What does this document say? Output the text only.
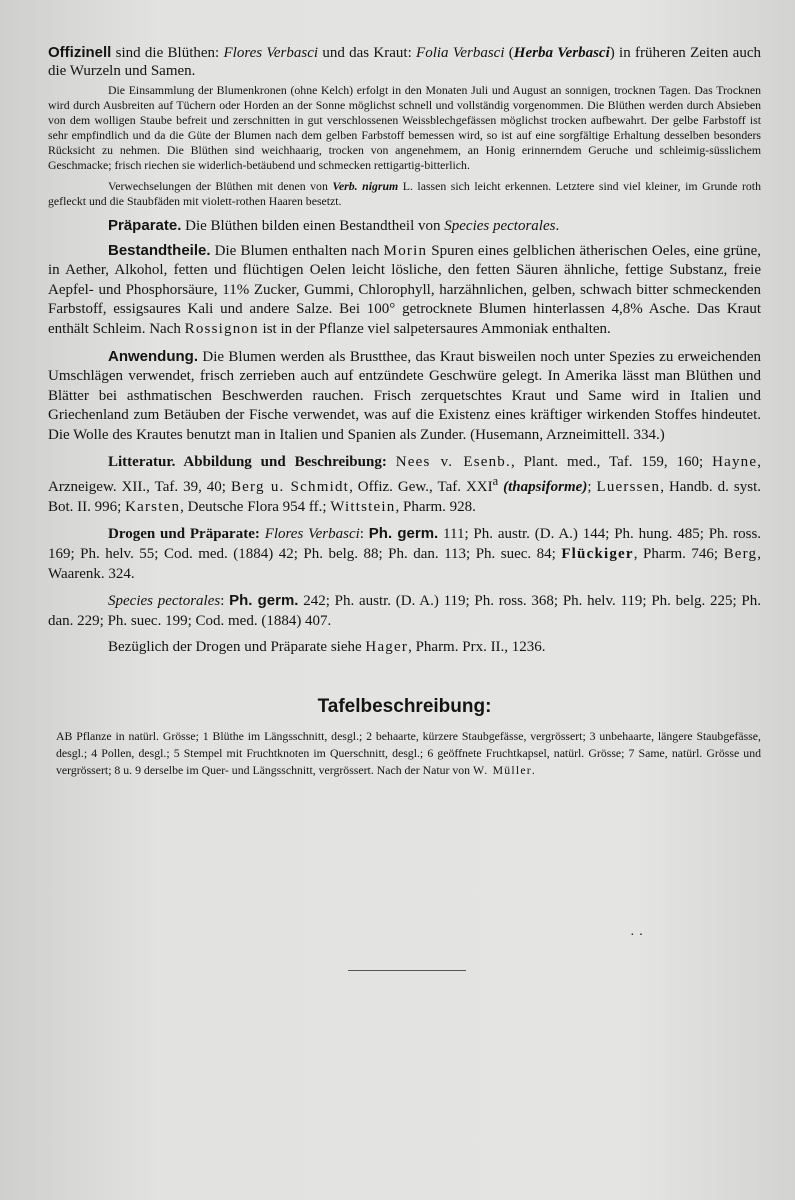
Offizinell sind die Blüthen: Flores Verbasci und das Kraut: Folia Verbasci (Herba Verbasci) in früheren Zeiten auch die Wurzeln und Samen.

Die Einsammlung der Blumenkronen (ohne Kelch) erfolgt in den Monaten Juli und August an sonnigen, trocknen Tagen. Das Trocknen wird durch Ausbreiten auf Tüchern oder Horden an der Sonne möglichst schnell und vollständig vorgenommen. Die Blüthen werden durch Absieben von dem wolligen Staube befreit und zerschnitten in gut verschlossenen Weissblechgefässen möglichst trocken aufbewahrt. Der gelbe Farbstoff ist sehr empfindlich und da die Güte der Blumen nach dem gelben Farbstoff bemessen wird, so ist auf eine sorgfältige Erhaltung desselben besonders Rücksicht zu nehmen. Die Blüthen sind weichhaarig, trocken von angenehmem, an Honig erinnerndem Geruche und schleimig-süsslichem Geschmacke; frisch riechen sie widerlich-betäubend und schmecken rettigartig-bitterlich.

Verwechselungen der Blüthen mit denen von Verb. nigrum L. lassen sich leicht erkennen. Letztere sind viel kleiner, im Grunde roth gefleckt und die Staubfäden mit violett-rothen Haaren besetzt.

Präparate. Die Blüthen bilden einen Bestandtheil von Species pectorales.

Bestandtheile. Die Blumen enthalten nach Morin Spuren eines gelblichen ätherischen Oeles, eine grüne, in Aether, Alkohol, fetten und flüchtigen Oelen leicht lösliche, den fetten Säuren ähnliche, fettige Substanz, freie Aepfel- und Phosphorsäure, 11% Zucker, Gummi, Chlorophyll, harzähnlichen, gelben, schwach bitter schmeckenden Farbstoff, essigsaures Kali und andere Salze. Bei 100° getrocknete Blumen hinterlassen 4,8% Asche. Das Kraut enthält Schleim. Nach Rossignon ist in der Pflanze viel salpetersaures Ammoniak enthalten.

Anwendung. Die Blumen werden als Brustthee, das Kraut bisweilen noch unter Spezies zu erweichenden Umschlägen verwendet, frisch zerrieben auch auf entzündete Geschwüre gelegt. In Amerika lässt man Blüthen und Blätter bei asthmatischen Beschwerden rauchen. Frisch zerquetschtes Kraut und Same wird in Italien und Griechenland zum Betäuben der Fische verwendet, was auf die Existenz eines kräftiger wirkenden Stoffes hindeutet. Die Wolle des Krautes benutzt man in Italien und Spanien als Zunder. (Husemann, Arzneimittell. 334.)

Litteratur. Abbildung und Beschreibung: Nees v. Esenb., Plant. med., Taf. 159, 160; Hayne, Arzneigew. XII., Taf. 39, 40; Berg u. Schmidt, Offiz. Gew., Taf. XXI$^a$ (thapsiforme); Luerssen, Handb. d. syst. Bot. II. 996; Karsten, Deutsche Flora 954 ff.; Wittstein, Pharm. 928.

Drogen und Präparate: Flores Verbasci: Ph. germ. 111; Ph. austr. (D. A.) 144; Ph. hung. 485; Ph. ross. 169; Ph. helv. 55; Cod. med. (1884) 42; Ph. belg. 88; Ph. dan. 113; Ph. suec. 84; Flückiger, Pharm. 746; Berg, Waarenk. 324.

Species pectorales: Ph. germ. 242; Ph. austr. (D. A.) 119; Ph. ross. 368; Ph. helv. 119; Ph. belg. 225; Ph. dan. 229; Ph. suec. 199; Cod. med. (1884) 407.

Bezüglich der Drogen und Präparate siehe Hager, Pharm. Prx. II., 1236.

Tafelbeschreibung:

AB Pflanze in natürl. Grösse; 1 Blüthe im Längsschnitt, desgl.; 2 behaarte, kürzere Staubgefässe, vergrössert; 3 unbehaarte, längere Staubgefässe, desgl.; 4 Pollen, desgl.; 5 Stempel mit Fruchtknoten im Querschnitt, desgl.; 6 geöffnete Fruchtkapsel, natürl. Grösse; 7 Same, natürl. Grösse und vergrössert; 8 u. 9 derselbe im Quer- und Längsschnitt, vergrössert. Nach der Natur von W. Müller.

··
